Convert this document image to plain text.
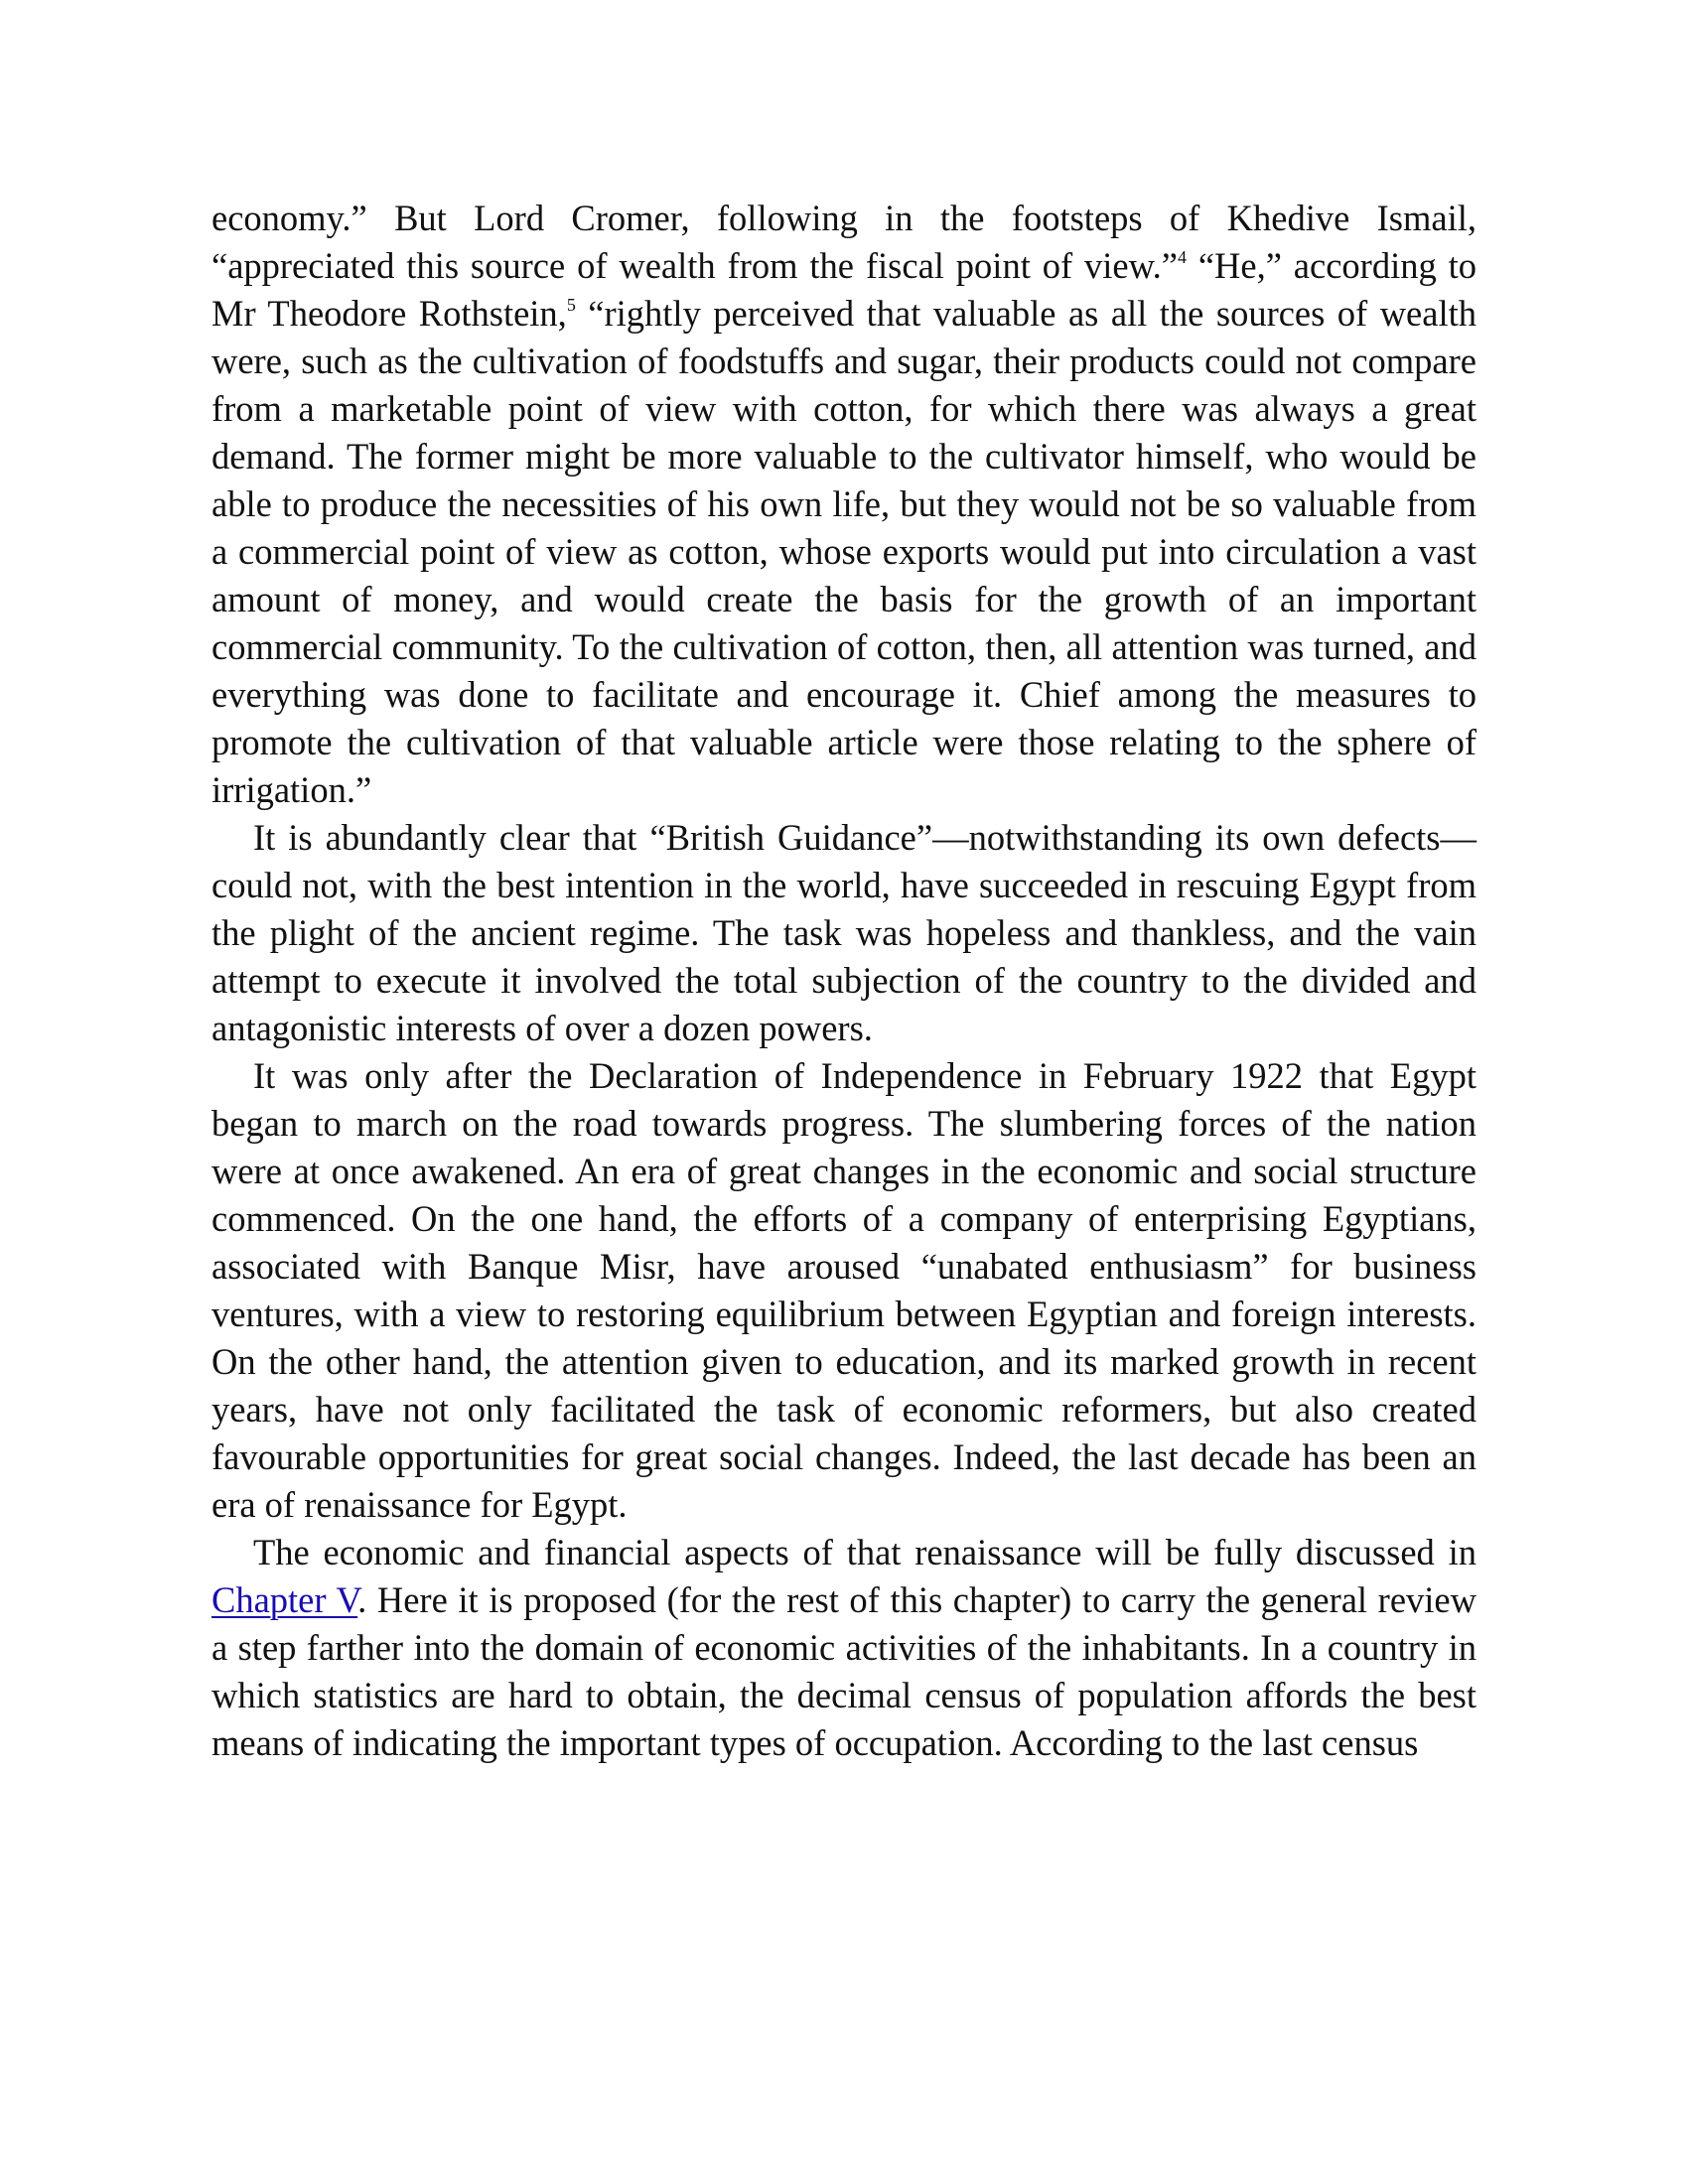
economy.” But Lord Cromer, following in the footsteps of Khedive Ismail, “appreciated this source of wealth from the fiscal point of view.”$^4$ “He,” according to Mr Theodore Rothstein,$^5$ “rightly perceived that valuable as all the sources of wealth were, such as the cultivation of foodstuffs and sugar, their products could not compare from a marketable point of view with cotton, for which there was always a great demand. The former might be more valuable to the cultivator himself, who would be able to produce the necessities of his own life, but they would not be so valuable from a commercial point of view as cotton, whose exports would put into circulation a vast amount of money, and would create the basis for the growth of an important commercial community. To the cultivation of cotton, then, all attention was turned, and everything was done to facilitate and encourage it. Chief among the measures to promote the cultivation of that valuable article were those relating to the sphere of irrigation.”

It is abundantly clear that “British Guidance”—notwithstanding its own defects—could not, with the best intention in the world, have succeeded in rescuing Egypt from the plight of the ancient regime. The task was hopeless and thankless, and the vain attempt to execute it involved the total subjection of the country to the divided and antagonistic interests of over a dozen powers.

It was only after the Declaration of Independence in February 1922 that Egypt began to march on the road towards progress. The slumbering forces of the nation were at once awakened. An era of great changes in the economic and social structure commenced. On the one hand, the efforts of a company of enterprising Egyptians, associated with Banque Misr, have aroused “unabated enthusiasm” for business ventures, with a view to restoring equilibrium between Egyptian and foreign interests. On the other hand, the attention given to education, and its marked growth in recent years, have not only facilitated the task of economic reformers, but also created favourable opportunities for great social changes. Indeed, the last decade has been an era of renaissance for Egypt.

The economic and financial aspects of that renaissance will be fully discussed in Chapter V. Here it is proposed (for the rest of this chapter) to carry the general review a step farther into the domain of economic activities of the inhabitants. In a country in which statistics are hard to obtain, the decimal census of population affords the best means of indicating the important types of occupation. According to the last census
